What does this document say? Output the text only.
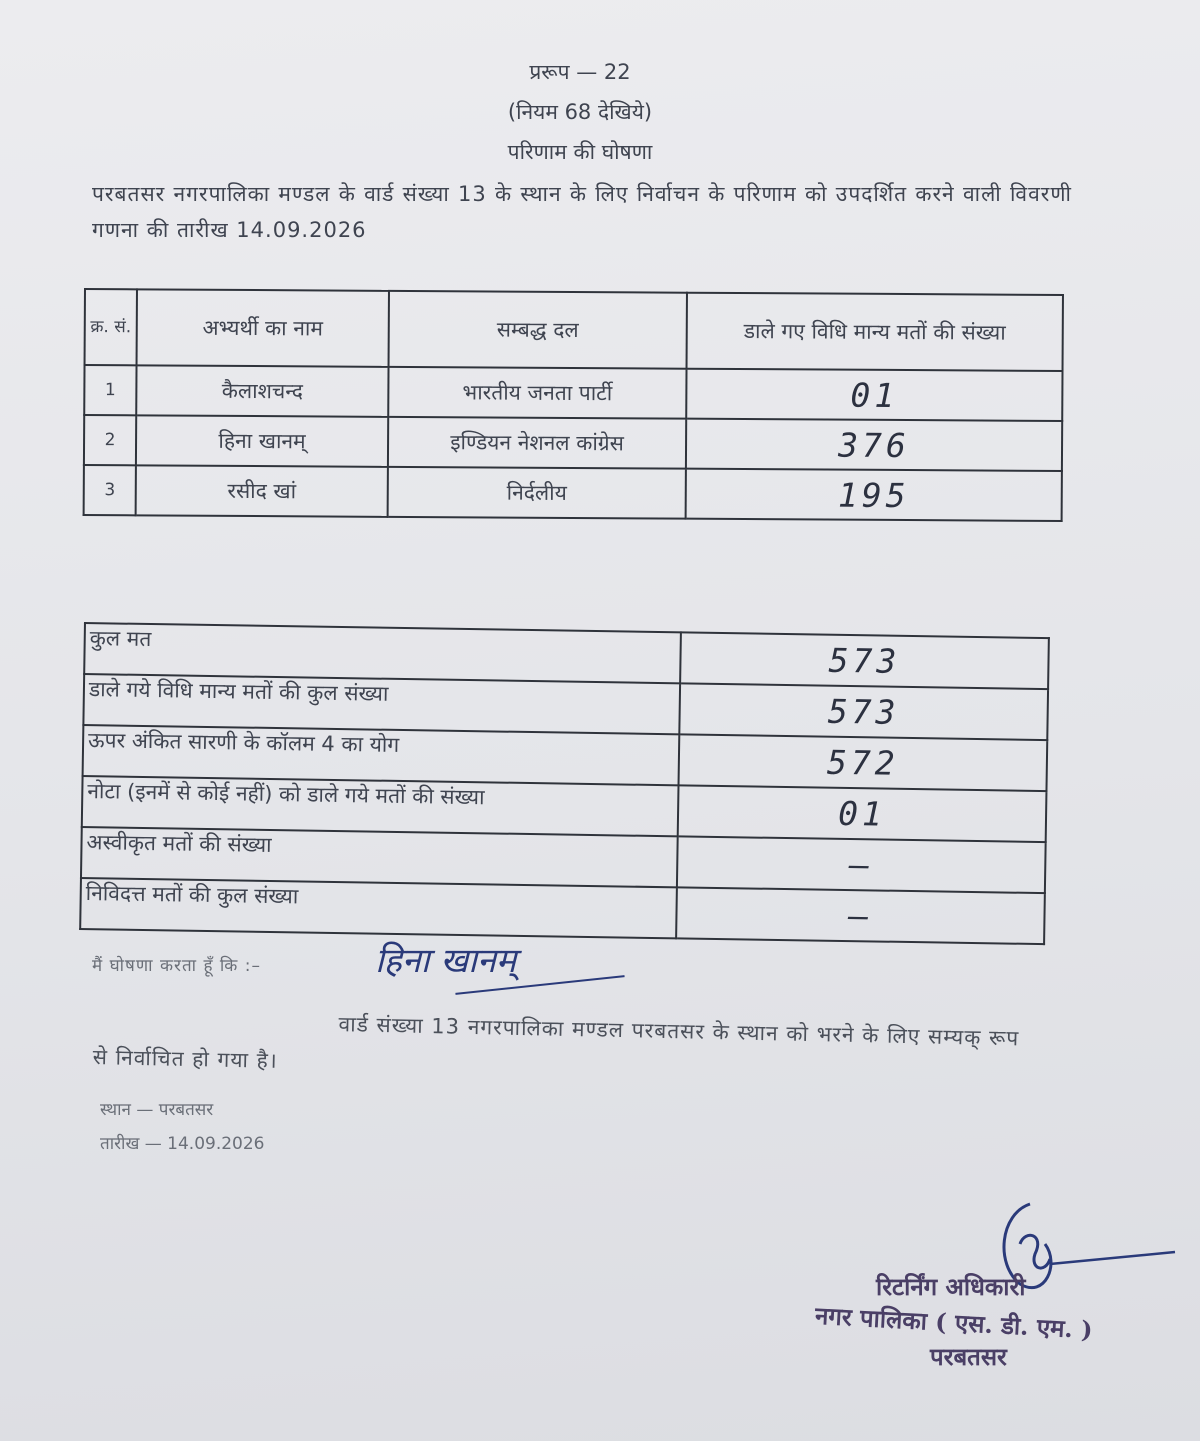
प्ररूप — 22
(नियम 68 देखिये)
परिणाम की घोषणा
परबतसर नगरपालिका मण्डल के वार्ड संख्या 13 के स्थान के लिए निर्वाचन के परिणाम को उपदर्शित करने वाली विवरणी गणना की तारीख 14.09.2026
क्र. सं.	अभ्यर्थी का नाम	सम्बद्ध दल	डाले गए विधि मान्य मतों की संख्या
1	कैलाशचन्द	भारतीय जनता पार्टी	01
2	हिना खानम्	इण्डियन नेशनल कांग्रेस	376
3	रसीद खां	निर्दलीय	195
कुल मत	573
डाले गये विधि मान्य मतों की कुल संख्या	573
ऊपर अंकित सारणी के कॉलम 4 का योग	572
नोटा (इनमें से कोई नहीं) को डाले गये मतों की संख्या	01
अस्वीकृत मतों की संख्या	–
निविदत्त मतों की कुल संख्या	—
मैं घोषणा करता हूँ कि :–	हिना खानम्
वार्ड संख्या 13 नगरपालिका मण्डल परबतसर के स्थान को भरने के लिए सम्यक् रूप से निर्वाचित हो गया है।
स्थान — परबतसर
तारीख — 14.09.2026
रिटर्निंग अधिकारी
नगर पालिका ( एस. डी. एम. )
परबतसर
